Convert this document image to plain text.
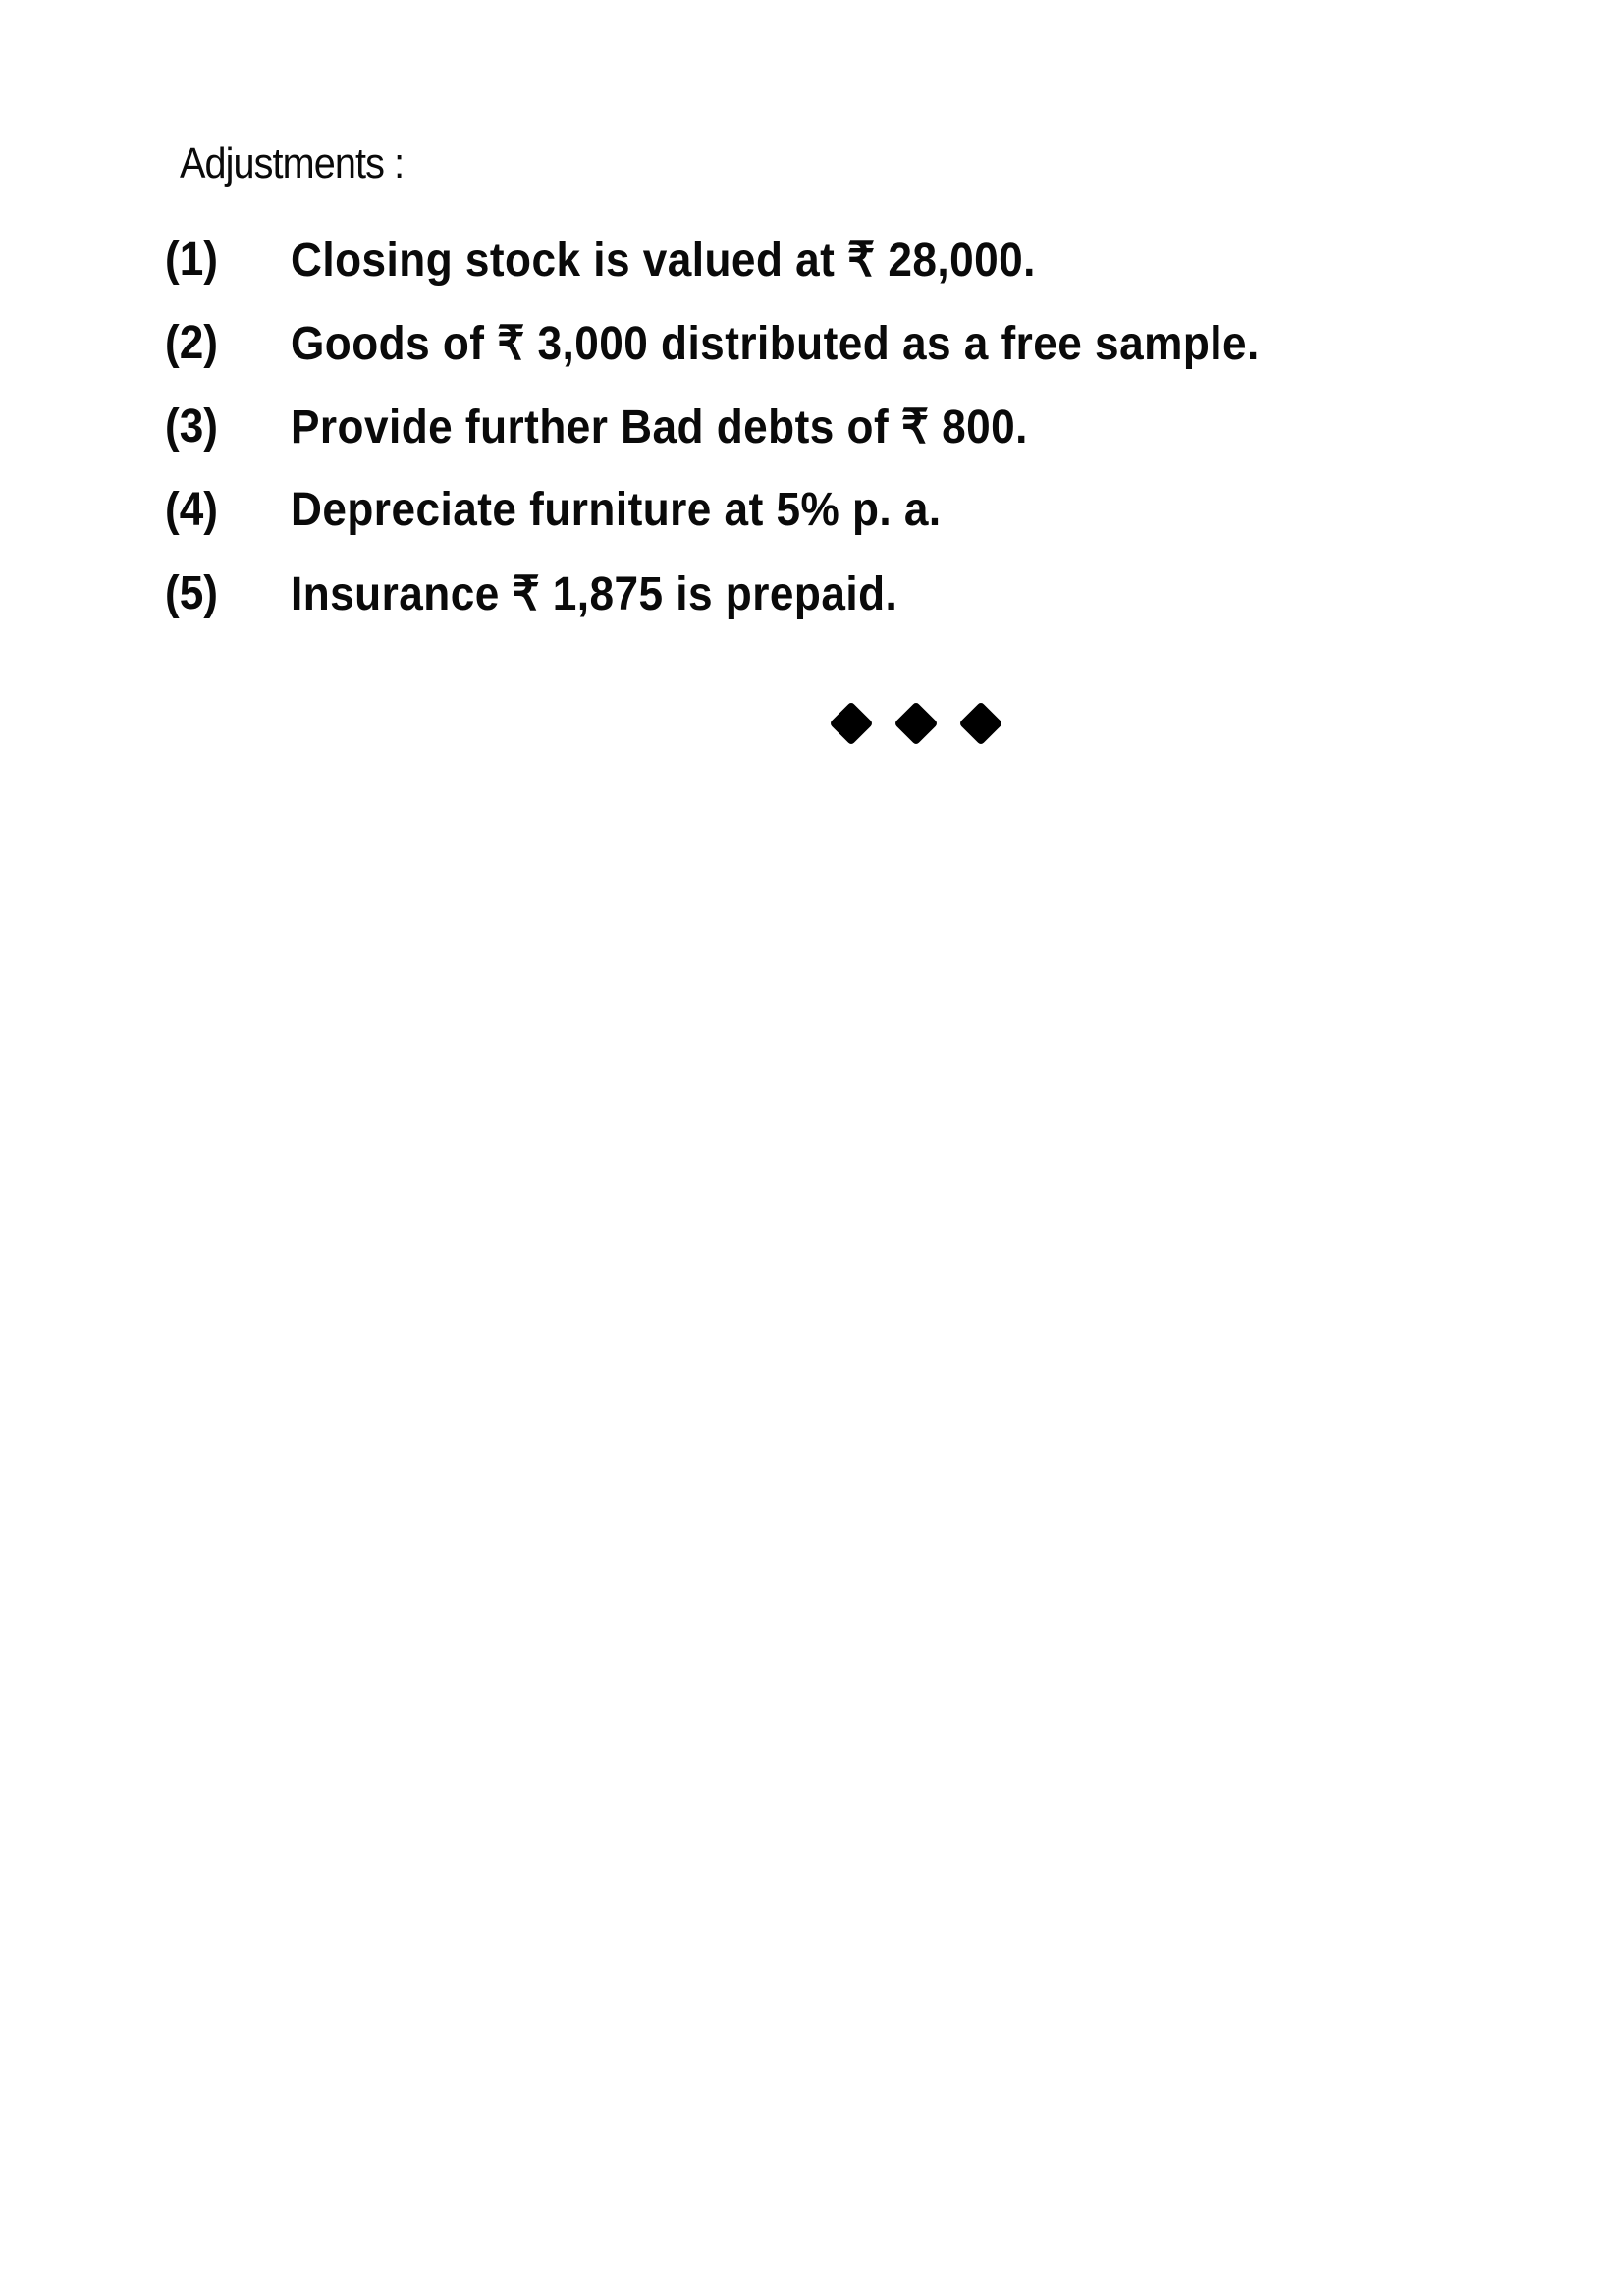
Adjustments :
(1)	Closing stock is valued at ₹ 28,000.
(2)	Goods of ₹ 3,000 distributed as a free sample.
(3)	Provide further Bad debts of ₹ 800.
(4)	Depreciate furniture at 5% p. a.
(5)	Insurance ₹ 1,875 is prepaid.
